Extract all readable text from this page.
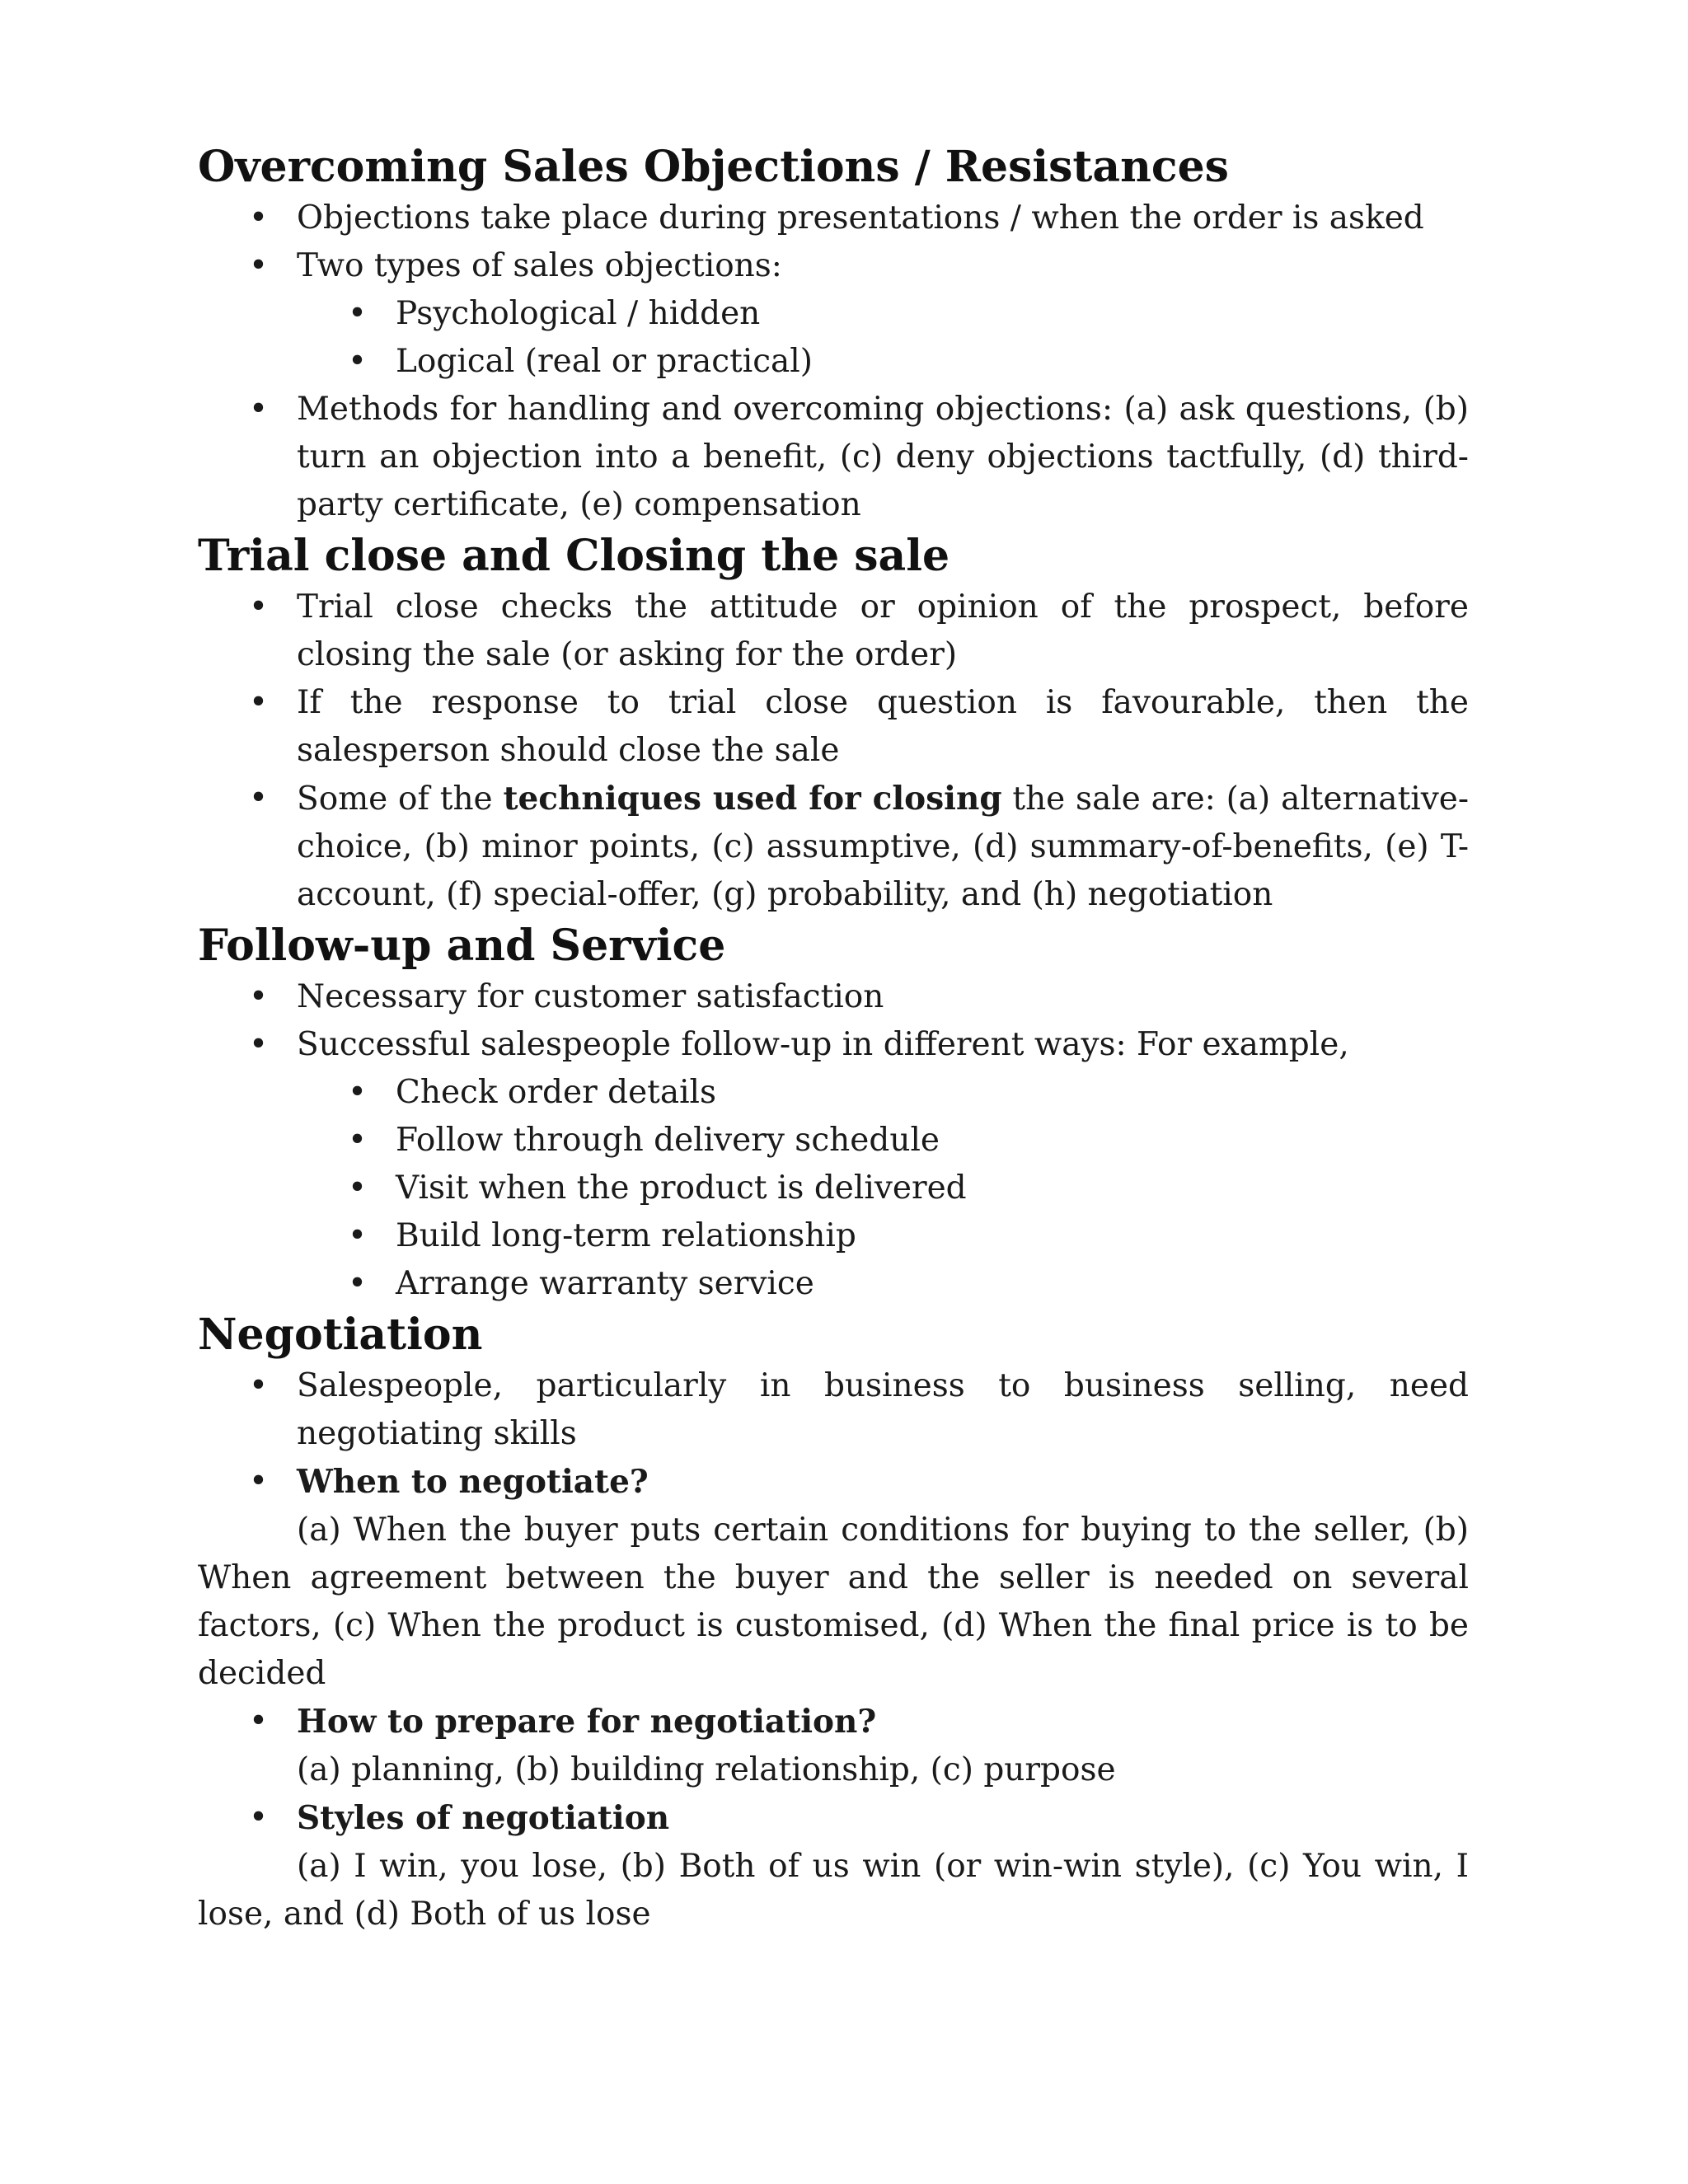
Overcoming Sales Objections / Resistances
• Objections take place during presentations / when the order is asked
• Two types of sales objections:
• Psychological / hidden
• Logical (real or practical)
• Methods for handling and overcoming objections: (a) ask questions, (b) turn an objection into a benefit, (c) deny objections tactfully, (d) third-party certificate, (e) compensation
Trial close and Closing the sale
• Trial close checks the attitude or opinion of the prospect, before closing the sale (or asking for the order)
• If the response to trial close question is favourable, then the salesperson should close the sale
• Some of the techniques used for closing the sale are: (a) alternative-choice, (b) minor points, (c) assumptive, (d) summary-of-benefits, (e) T-account, (f) special-offer, (g) probability, and (h) negotiation
Follow-up and Service
• Necessary for customer satisfaction
• Successful salespeople follow-up in different ways: For example,
• Check order details
• Follow through delivery schedule
• Visit when the product is delivered
• Build long-term relationship
• Arrange warranty service
Negotiation
• Salespeople, particularly in business to business selling, need negotiating skills
• When to negotiate?
(a) When the buyer puts certain conditions for buying to the seller, (b) When agreement between the buyer and the seller is needed on several factors, (c) When the product is customised, (d) When the final price is to be decided
• How to prepare for negotiation?
(a) planning, (b) building relationship, (c) purpose
• Styles of negotiation
(a) I win, you lose, (b) Both of us win (or win-win style), (c) You win, I lose, and (d) Both of us lose
